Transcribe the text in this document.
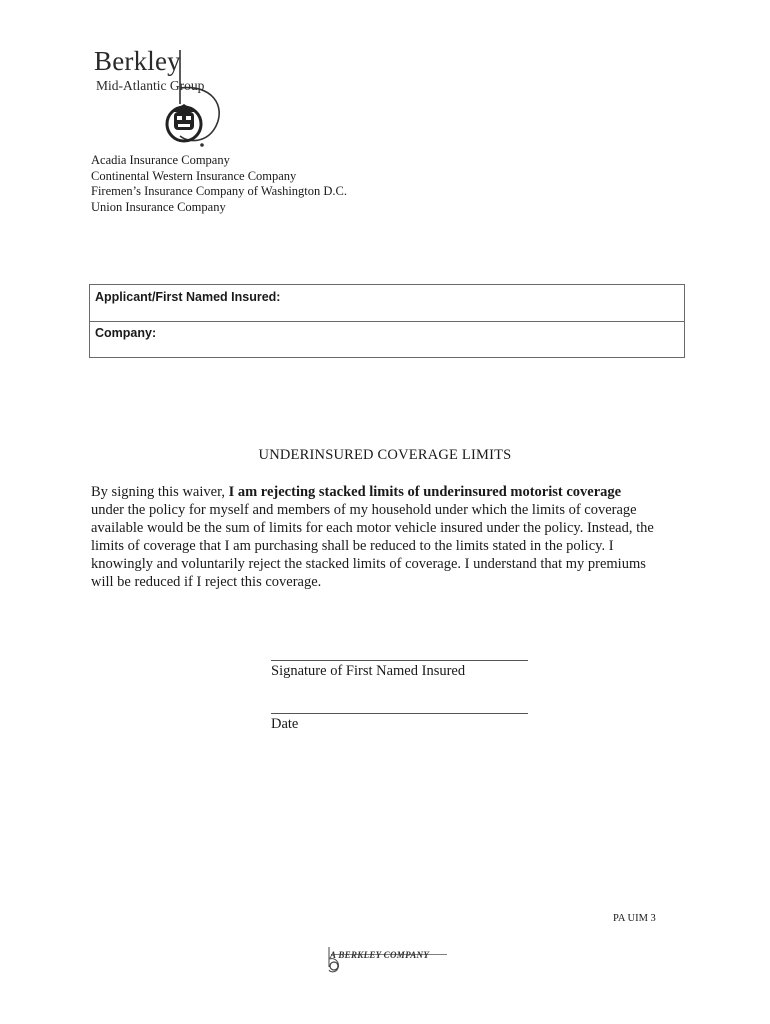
Berkley
Mid-Atlantic Group
Acadia Insurance Company
Continental Western Insurance Company
Firemen’s Insurance Company of Washington D.C.
Union Insurance Company
Applicant/First Named Insured:
Company:
UNDERINSURED COVERAGE LIMITS
By signing this waiver, I am rejecting stacked limits of underinsured motorist coverage
under the policy for myself and members of my household under which the limits of coverage
available would be the sum of limits for each motor vehicle insured under the policy. Instead, the
limits of coverage that I am purchasing shall be reduced to the limits stated in the policy. I
knowingly and voluntarily reject the stacked limits of coverage. I understand that my premiums
will be reduced if I reject this coverage.
Signature of First Named Insured
Date
PA UIM 3
A BERKLEY COMPANY
